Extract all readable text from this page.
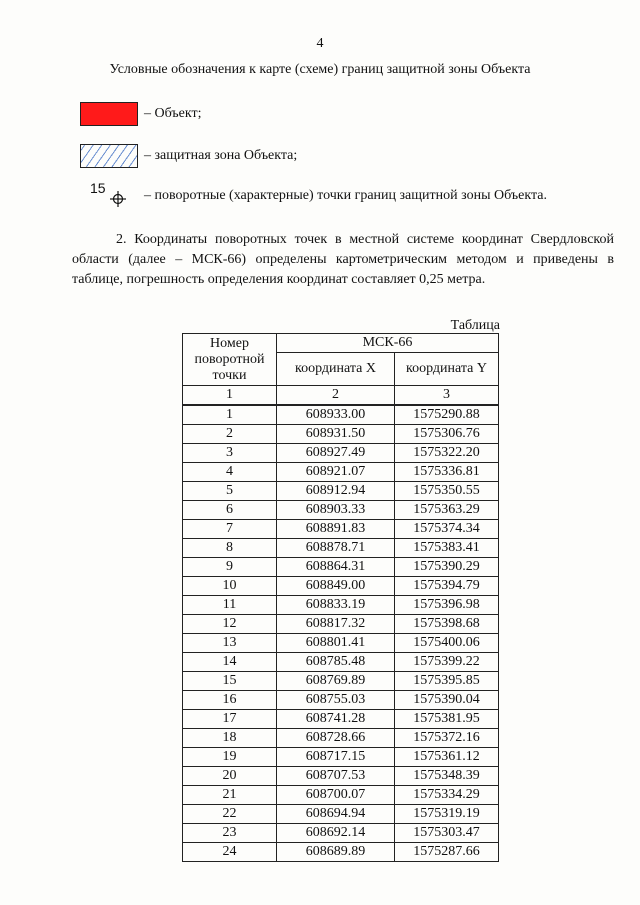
4
Условные обозначения к карте (схеме) границ защитной зоны Объекта
– Объект;
– защитная зона Объекта;
15	– поворотные (характерные) точки границ защитной зоны Объекта.
2. Координаты поворотных точек в местной системе координат Свердловской области (далее – МСК-66) определены картометрическим методом и приведены в таблице, погрешность определения координат составляет 0,25 метра.
Таблица
Номер поворотной точки	МСК-66	
	координата X	координата Y
1	2	3
1	608933.00	1575290.88
2	608931.50	1575306.76
3	608927.49	1575322.20
4	608921.07	1575336.81
5	608912.94	1575350.55
6	608903.33	1575363.29
7	608891.83	1575374.34
8	608878.71	1575383.41
9	608864.31	1575390.29
10	608849.00	1575394.79
11	608833.19	1575396.98
12	608817.32	1575398.68
13	608801.41	1575400.06
14	608785.48	1575399.22
15	608769.89	1575395.85
16	608755.03	1575390.04
17	608741.28	1575381.95
18	608728.66	1575372.16
19	608717.15	1575361.12
20	608707.53	1575348.39
21	608700.07	1575334.29
22	608694.94	1575319.19
23	608692.14	1575303.47
24	608689.89	1575287.66
